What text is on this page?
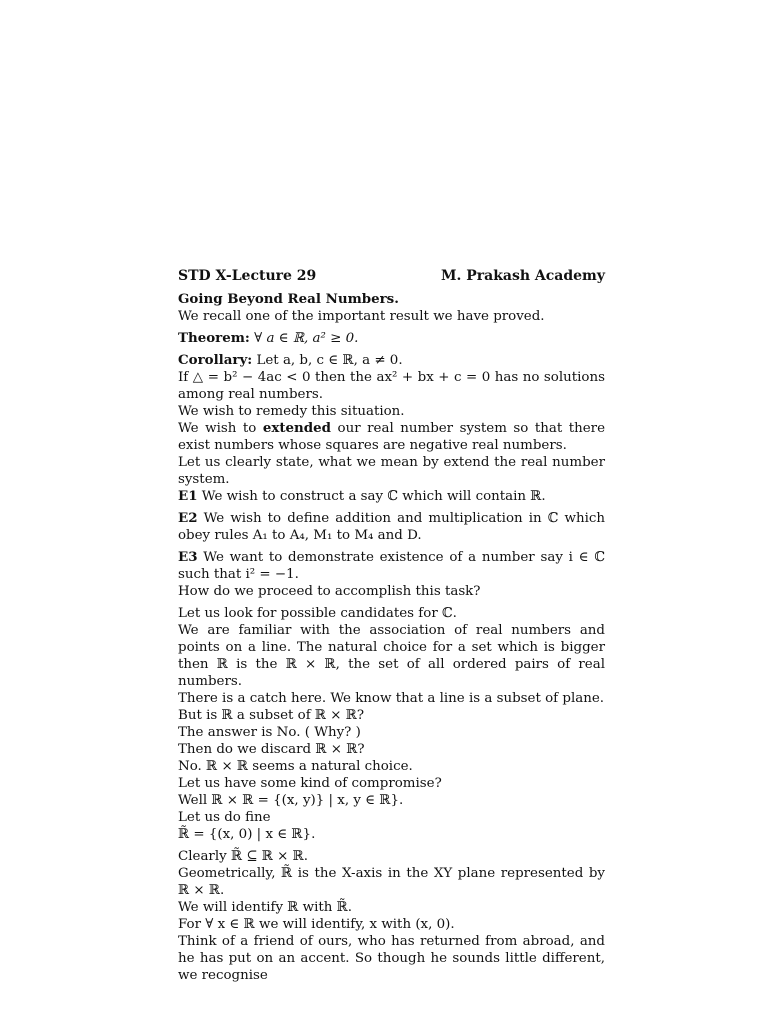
STD X-Lecture 29	M. Prakash Academy

Going Beyond Real Numbers.

We recall one of the important result we have proved.

Theorem: ∀ a ∈ ℝ, a² ≥ 0.

Corollary: Let a, b, c ∈ ℝ, a ≠ 0.

If △ = b² − 4ac < 0 then the ax² + bx + c = 0 has no solutions among real numbers.

We wish to remedy this situation.

We wish to extended our real number system so that there exist numbers whose squares are negative real numbers.

Let us clearly state, what we mean by extend the real number system.

E1 We wish to construct a say ℂ which will contain ℝ.

E2 We wish to define addition and multiplication in ℂ which obey rules A₁ to A₄, M₁ to M₄ and D.

E3 We want to demonstrate existence of a number say i ∈ ℂ such that i² = −1.

How do we proceed to accomplish this task?

Let us look for possible candidates for ℂ.

We are familiar with the association of real numbers and points on a line. The natural choice for a set which is bigger then ℝ is the ℝ × ℝ, the set of all ordered pairs of real numbers.

There is a catch here. We know that a line is a subset of plane.

But is ℝ a subset of ℝ × ℝ?

The answer is No. ( Why? )

Then do we discard ℝ × ℝ?

No. ℝ × ℝ seems a natural choice.

Let us have some kind of compromise?

Well ℝ × ℝ = {(x, y)} | x, y ∈ ℝ}.

Let us do fine

ℝ̃ = {(x, 0) | x ∈ ℝ}.

Clearly ℝ̃ ⊆ ℝ × ℝ.

Geometrically, ℝ̃ is the X-axis in the XY plane represented by ℝ × ℝ.

We will identify ℝ with ℝ̃.

For ∀ x ∈ ℝ we will identify, x with (x, 0).

Think of a friend of ours, who has returned from abroad, and he has put on an accent. So though he sounds little different, we recognise
